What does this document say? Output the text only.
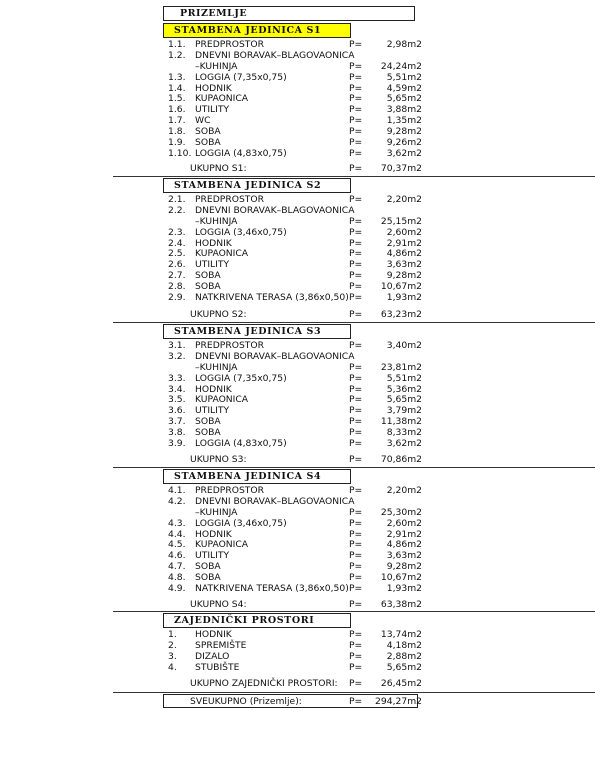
PRIZEMLJE
STAMBENA JEDINICA S1
1.1. PREDPROSTOR	P=	2,98m2
1.2. DNEVNI BORAVAK–BLAGOVAONICA
–KUHINJA	P= 24,24m2
1.3. LOGGIA (7,35x0,75)	P=	5,51m2
1.4. HODNIK	P=	4,59m2
1.5. KUPAONICA	P=	5,65m2
1.6. UTILITY	P=	3,88m2
1.7. WC	P=	1,35m2
1.8. SOBA	P=	9,28m2
1.9. SOBA	P=	9,26m2
1.10. LOGGIA (4,83x0,75)	P=	3,62m2
UKUPNO S1:	P= 70,37m2
STAMBENA JEDINICA S2
2.1. PREDPROSTOR	P=	2,20m2
2.2. DNEVNI BORAVAK–BLAGOVAONICA
–KUHINJA	P= 25,15m2
2.3. LOGGIA (3,46x0,75)	P=	2,60m2
2.4. HODNIK	P=	2,91m2
2.5. KUPAONICA	P=	4,86m2
2.6. UTILITY	P=	3,63m2
2.7. SOBA	P=	9,28m2
2.8. SOBA	P= 10,67m2
2.9. NATKRIVENA TERASA (3,86x0,50) P=	1,93m2
UKUPNO S2:	P= 63,23m2
STAMBENA JEDINICA S3
3.1. PREDPROSTOR	P=	3,40m2
3.2. DNEVNI BORAVAK–BLAGOVAONICA
–KUHINJA	P= 23,81m2
3.3. LOGGIA (7,35x0,75)	P=	5,51m2
3.4. HODNIK	P=	5,36m2
3.5. KUPAONICA	P=	5,65m2
3.6. UTILITY	P=	3,79m2
3.7. SOBA	P= 11,38m2
3.8. SOBA	P=	8,33m2
3.9. LOGGIA (4,83x0,75)	P=	3,62m2
UKUPNO S3:	P= 70,86m2
STAMBENA JEDINICA S4
4.1. PREDPROSTOR	P=	2,20m2
4.2. DNEVNI BORAVAK–BLAGOVAONICA
–KUHINJA	P= 25,30m2
4.3. LOGGIA (3,46x0,75)	P=	2,60m2
4.4. HODNIK	P=	2,91m2
4.5. KUPAONICA	P=	4,86m2
4.6. UTILITY	P=	3,63m2
4.7. SOBA	P=	9,28m2
4.8. SOBA	P= 10,67m2
4.9. NATKRIVENA TERASA (3,86x0,50) P=	1,93m2
UKUPNO S4:	P= 63,38m2
ZAJEDNIČKI PROSTORI
1. HODNIK	P= 13,74m2
2. SPREMIŠTE	P=	4,18m2
3. DIZALO	P=	2,88m2
4. STUBIŠTE	P=	5,65m2
UKUPNO ZAJEDNIČKI PROSTORI: P= 26,45m2
SVEUKUPNO (Prizemlje):	P= 294,27m2
